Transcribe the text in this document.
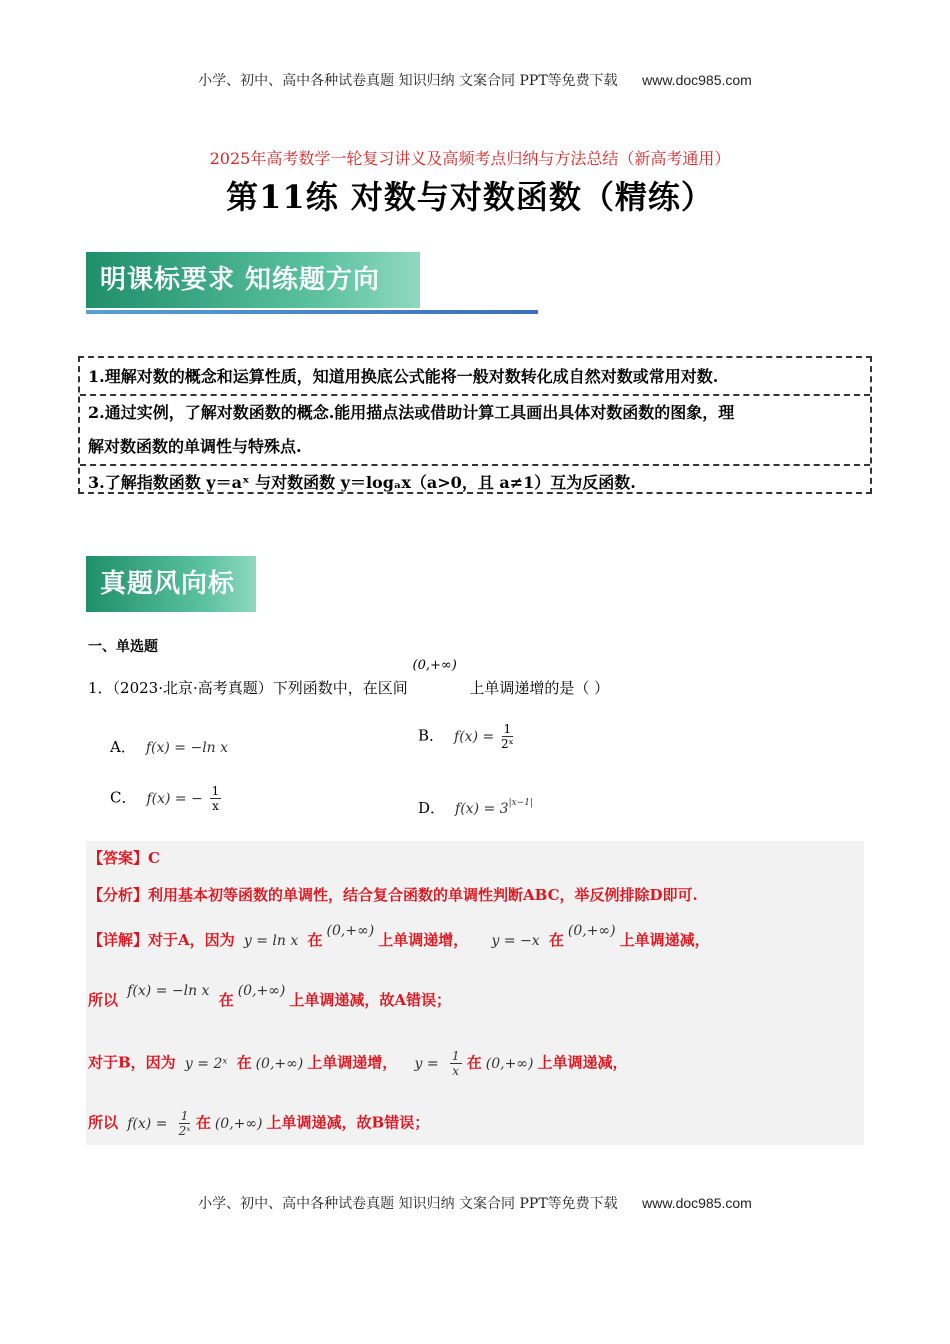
小学、初中、高中各种试卷真题 知识归纳 文案合同 PPT等免费下载 www.doc985.com
2025年高考数学一轮复习讲义及高频考点归纳与方法总结（新高考通用）
第11练 对数与对数函数（精练）
明课标要求 知练题方向
1.理解对数的概念和运算性质，知道用换底公式能将一般对数转化成自然对数或常用对数.
2.通过实例，了解对数函数的概念.能用描点法或借助计算工具画出具体对数函数的图象，理
解对数函数的单调性与特殊点.
3.了解指数函数 y＝aˣ 与对数函数 y＝logₐx（a>0，且 a≠1）互为反函数.
真题风向标
一、单选题
1．（2023·北京·高考真题）下列函数中，在区间
(0,+∞)
上单调递增的是（ ）
A． f(x) = −ln x
B． $f(x) = \frac{1}{\text{2ˣ}}$
C． f(x) = − $\frac{1}{x}$	D． $f(x) = 3^{|x-1|}$
【答案】C
【分析】利用基本初等函数的单调性，结合复合函数的单调性判断ABC，举反例排除D即可.
【详解】对于A，因为 y = ln x 在 (0,+∞) 上单调递增， y = −x 在 (0,+∞) 上单调递减，
所以 f(x) = −ln x 在 (0,+∞) 上单调递减，故A错误；
对于B，因为 y = 2ˣ 在 (0,+∞) 上单调递增， $y = \frac{1}{x}$ 在 (0,+∞) 上单调递减，
所以 $f(x) = \frac{1}{\text{2ˣ}}$ 在 (0,+∞) 上单调递减，故B错误；
小学、初中、高中各种试卷真题 知识归纳 文案合同 PPT等免费下载 www.doc985.com
